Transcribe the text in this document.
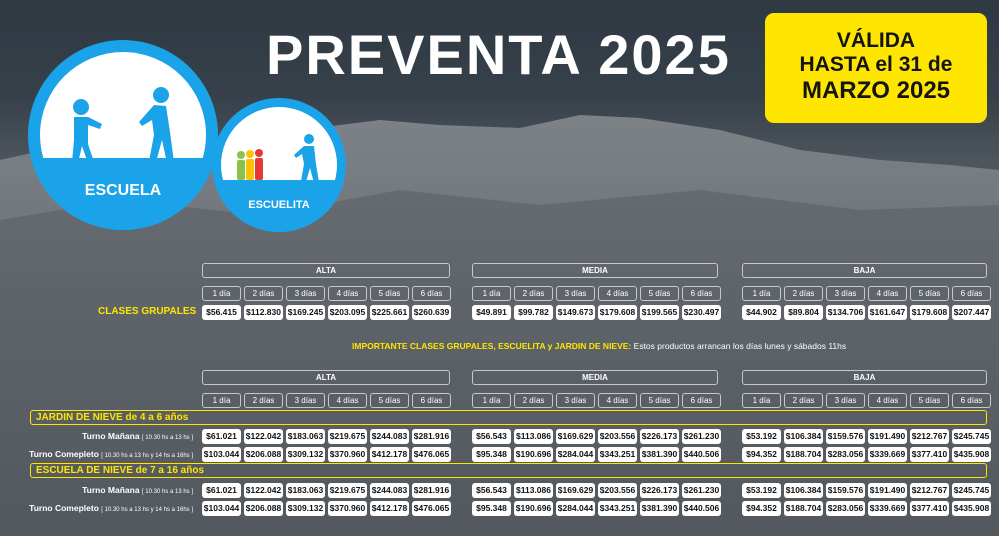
PREVENTA 2025	VÁLIDA
HASTA el 31 de
MARZO 2025
ESCUELA
ESCUELITA
ALTA	MEDIA	BAJA
CLASES GRUPALES
IMPORTANTE CLASES GRUPALES, ESCUELITA y JARDIN DE NIEVE: Estos productos arrancan los días lunes y sábados 11hs
ALTA	MEDIA	BAJA
JARDIN DE NIEVE de 4 a 6 años
ESCUELA DE NIEVE de 7 a 16 años
1 día	2 días	3 días	4 días	5 días	6 días	1 día	2 días	3 días	4 días	5 días	6 días	1 día	2 días	3 días	4 días	5 días	6 días
$56.415	$112.830 $169.245 $203.095 $225.661 $260.639	$49.891	$99.782	$149.673 $179.608 $199.565 $230.497	$44.902	$89.804	$134.706 $161.647 $179.608 $207.447
1 día	2 días	3 días	4 días	5 días	6 días	1 día	2 días	3 días	4 días	5 días	6 días	1 día	2 días	3 días	4 días	5 días	6 días
Turno Mañana [ 10.30 hs a 13 hs ]	$61.021	$122.042 $183.063 $219.675 $244.083 $281.916	$56.543	$113.086 $169.629 $203.556 $226.173 $261.230	$53.192	$106.384 $159.576 $191.490 $212.767 $245.745
Turno Comepleto [ 10.30 hs a 13 hs y 14 hs a 16hs ] $103.044 $206.088 $309.132 $370.960 $412.178 $476.065	$95.348	$190.696 $284.044 $343.251 $381.390 $440.506	$94.352	$188.704 $283.056 $339.669 $377.410 $435.908
Turno Mañana [ 10.30 hs a 13 hs ]	$61.021	$122.042 $183.063 $219.675 $244.083 $281.916	$56.543	$113.086 $169.629 $203.556 $226.173 $261.230	$53.192	$106.384 $159.576 $191.490 $212.767 $245.745
Turno Comepleto [ 10.30 hs a 13 hs y 14 hs a 16hs ] $103.044 $206.088 $309.132 $370.960 $412.178 $476.065	$95.348	$190.696 $284.044 $343.251 $381.390 $440.506	$94.352	$188.704 $283.056 $339.669 $377.410 $435.908
